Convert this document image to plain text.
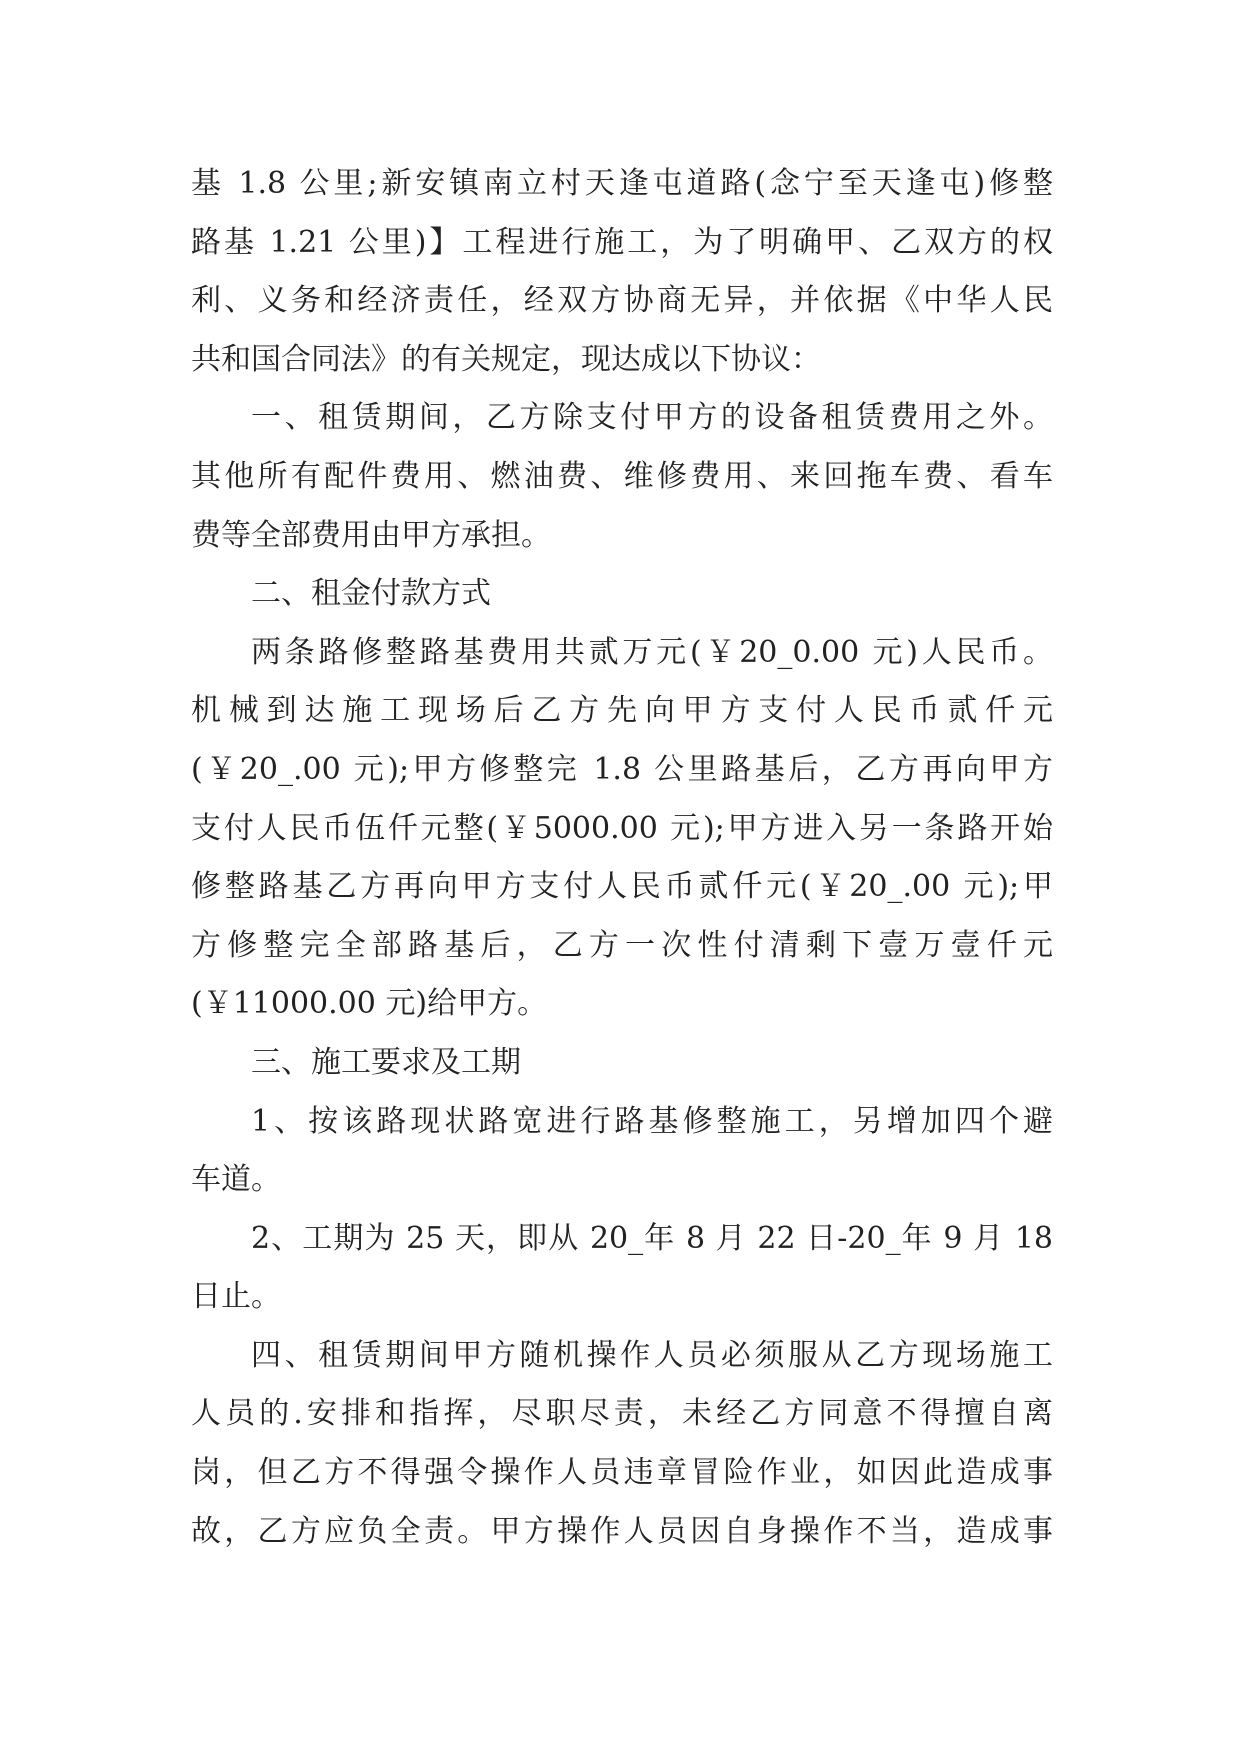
基 1.8 公里;新安镇南立村天逢屯道路(念宁至天逢屯)修整
路基 1.21 公里)】工程进行施工，为了明确甲、乙双方的权
利、义务和经济责任，经双方协商无异，并依据《中华人民
共和国合同法》的有关规定，现达成以下协议：
一、租赁期间，乙方除支付甲方的设备租赁费用之外。
其他所有配件费用、燃油费、维修费用、来回拖车费、看车
费等全部费用由甲方承担。
二、租金付款方式
两条路修整路基费用共贰万元(￥20_0.00 元)人民币。
机械到达施工现场后乙方先向甲方支付人民币贰仟元
(￥20_.00 元);甲方修整完 1.8 公里路基后，乙方再向甲方
支付人民币伍仟元整(￥5000.00 元);甲方进入另一条路开始
修整路基乙方再向甲方支付人民币贰仟元(￥20_.00 元);甲
方修整完全部路基后，乙方一次性付清剩下壹万壹仟元
(￥11000.00 元)给甲方。
三、施工要求及工期
1、按该路现状路宽进行路基修整施工，另增加四个避
车道。
2、工期为 25 天，即从 20_年 8 月 22 日-20_年 9 月 18
日止。
四、租赁期间甲方随机操作人员必须服从乙方现场施工
人员的.安排和指挥，尽职尽责，未经乙方同意不得擅自离
岗，但乙方不得强令操作人员违章冒险作业，如因此造成事
故，乙方应负全责。甲方操作人员因自身操作不当，造成事
